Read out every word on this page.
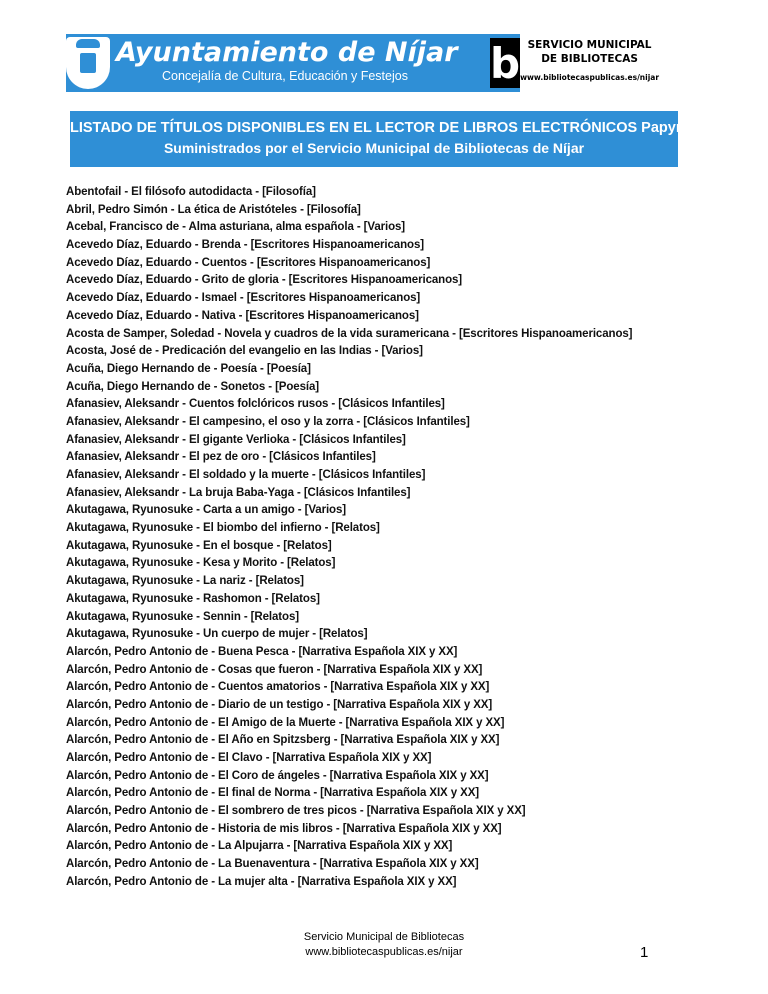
Ayuntamiento de Níjar
Concejalía de Cultura, Educación y Festejos	b SERVICIO MUNICIPAL DE BIBLIOTECAS
www.bibliotecaspublicas.es/nijar
LISTADO DE TÍTULOS DISPONIBLES EN EL LECTOR DE LIBROS ELECTRÓNICOS Papyre 6.2
Suministrados por el Servicio Municipal de Bibliotecas de Níjar
Abentofail - El filósofo autodidacta - [Filosofía]
Abril, Pedro Simón - La ética de Aristóteles - [Filosofía]
Acebal, Francisco de - Alma asturiana, alma española - [Varios]
Acevedo Díaz, Eduardo - Brenda - [Escritores Hispanoamericanos]
Acevedo Díaz, Eduardo - Cuentos - [Escritores Hispanoamericanos]
Acevedo Díaz, Eduardo - Grito de gloria - [Escritores Hispanoamericanos]
Acevedo Díaz, Eduardo - Ismael - [Escritores Hispanoamericanos]
Acevedo Díaz, Eduardo - Nativa - [Escritores Hispanoamericanos]
Acosta de Samper, Soledad - Novela y cuadros de la vida suramericana - [Escritores Hispanoamericanos]
Acosta, José de - Predicación del evangelio en las Indias - [Varios]
Acuña, Diego Hernando de - Poesía - [Poesía]
Acuña, Diego Hernando de - Sonetos - [Poesía]
Afanasiev, Aleksandr - Cuentos folclóricos rusos - [Clásicos Infantiles]
Afanasiev, Aleksandr - El campesino, el oso y la zorra - [Clásicos Infantiles]
Afanasiev, Aleksandr - El gigante Verlioka - [Clásicos Infantiles]
Afanasiev, Aleksandr - El pez de oro - [Clásicos Infantiles]
Afanasiev, Aleksandr - El soldado y la muerte - [Clásicos Infantiles]
Afanasiev, Aleksandr - La bruja Baba-Yaga - [Clásicos Infantiles]
Akutagawa, Ryunosuke - Carta a un amigo - [Varios]
Akutagawa, Ryunosuke - El biombo del infierno - [Relatos]
Akutagawa, Ryunosuke - En el bosque - [Relatos]
Akutagawa, Ryunosuke - Kesa y Morito - [Relatos]
Akutagawa, Ryunosuke - La nariz - [Relatos]
Akutagawa, Ryunosuke - Rashomon - [Relatos]
Akutagawa, Ryunosuke - Sennin - [Relatos]
Akutagawa, Ryunosuke - Un cuerpo de mujer - [Relatos]
Alarcón, Pedro Antonio de - Buena Pesca - [Narrativa Española XIX y XX]
Alarcón, Pedro Antonio de - Cosas que fueron - [Narrativa Española XIX y XX]
Alarcón, Pedro Antonio de - Cuentos amatorios - [Narrativa Española XIX y XX]
Alarcón, Pedro Antonio de - Diario de un testigo - [Narrativa Española XIX y XX]
Alarcón, Pedro Antonio de - El Amigo de la Muerte - [Narrativa Española XIX y XX]
Alarcón, Pedro Antonio de - El Año en Spitzsberg - [Narrativa Española XIX y XX]
Alarcón, Pedro Antonio de - El Clavo - [Narrativa Española XIX y XX]
Alarcón, Pedro Antonio de - El Coro de ángeles - [Narrativa Española XIX y XX]
Alarcón, Pedro Antonio de - El final de Norma - [Narrativa Española XIX y XX]
Alarcón, Pedro Antonio de - El sombrero de tres picos - [Narrativa Española XIX y XX]
Alarcón, Pedro Antonio de - Historia de mis libros - [Narrativa Española XIX y XX]
Alarcón, Pedro Antonio de - La Alpujarra - [Narrativa Española XIX y XX]
Alarcón, Pedro Antonio de - La Buenaventura - [Narrativa Española XIX y XX]
Alarcón, Pedro Antonio de - La mujer alta - [Narrativa Española XIX y XX]
Servicio Municipal de Bibliotecas
www.bibliotecaspublicas.es/nijar	1
